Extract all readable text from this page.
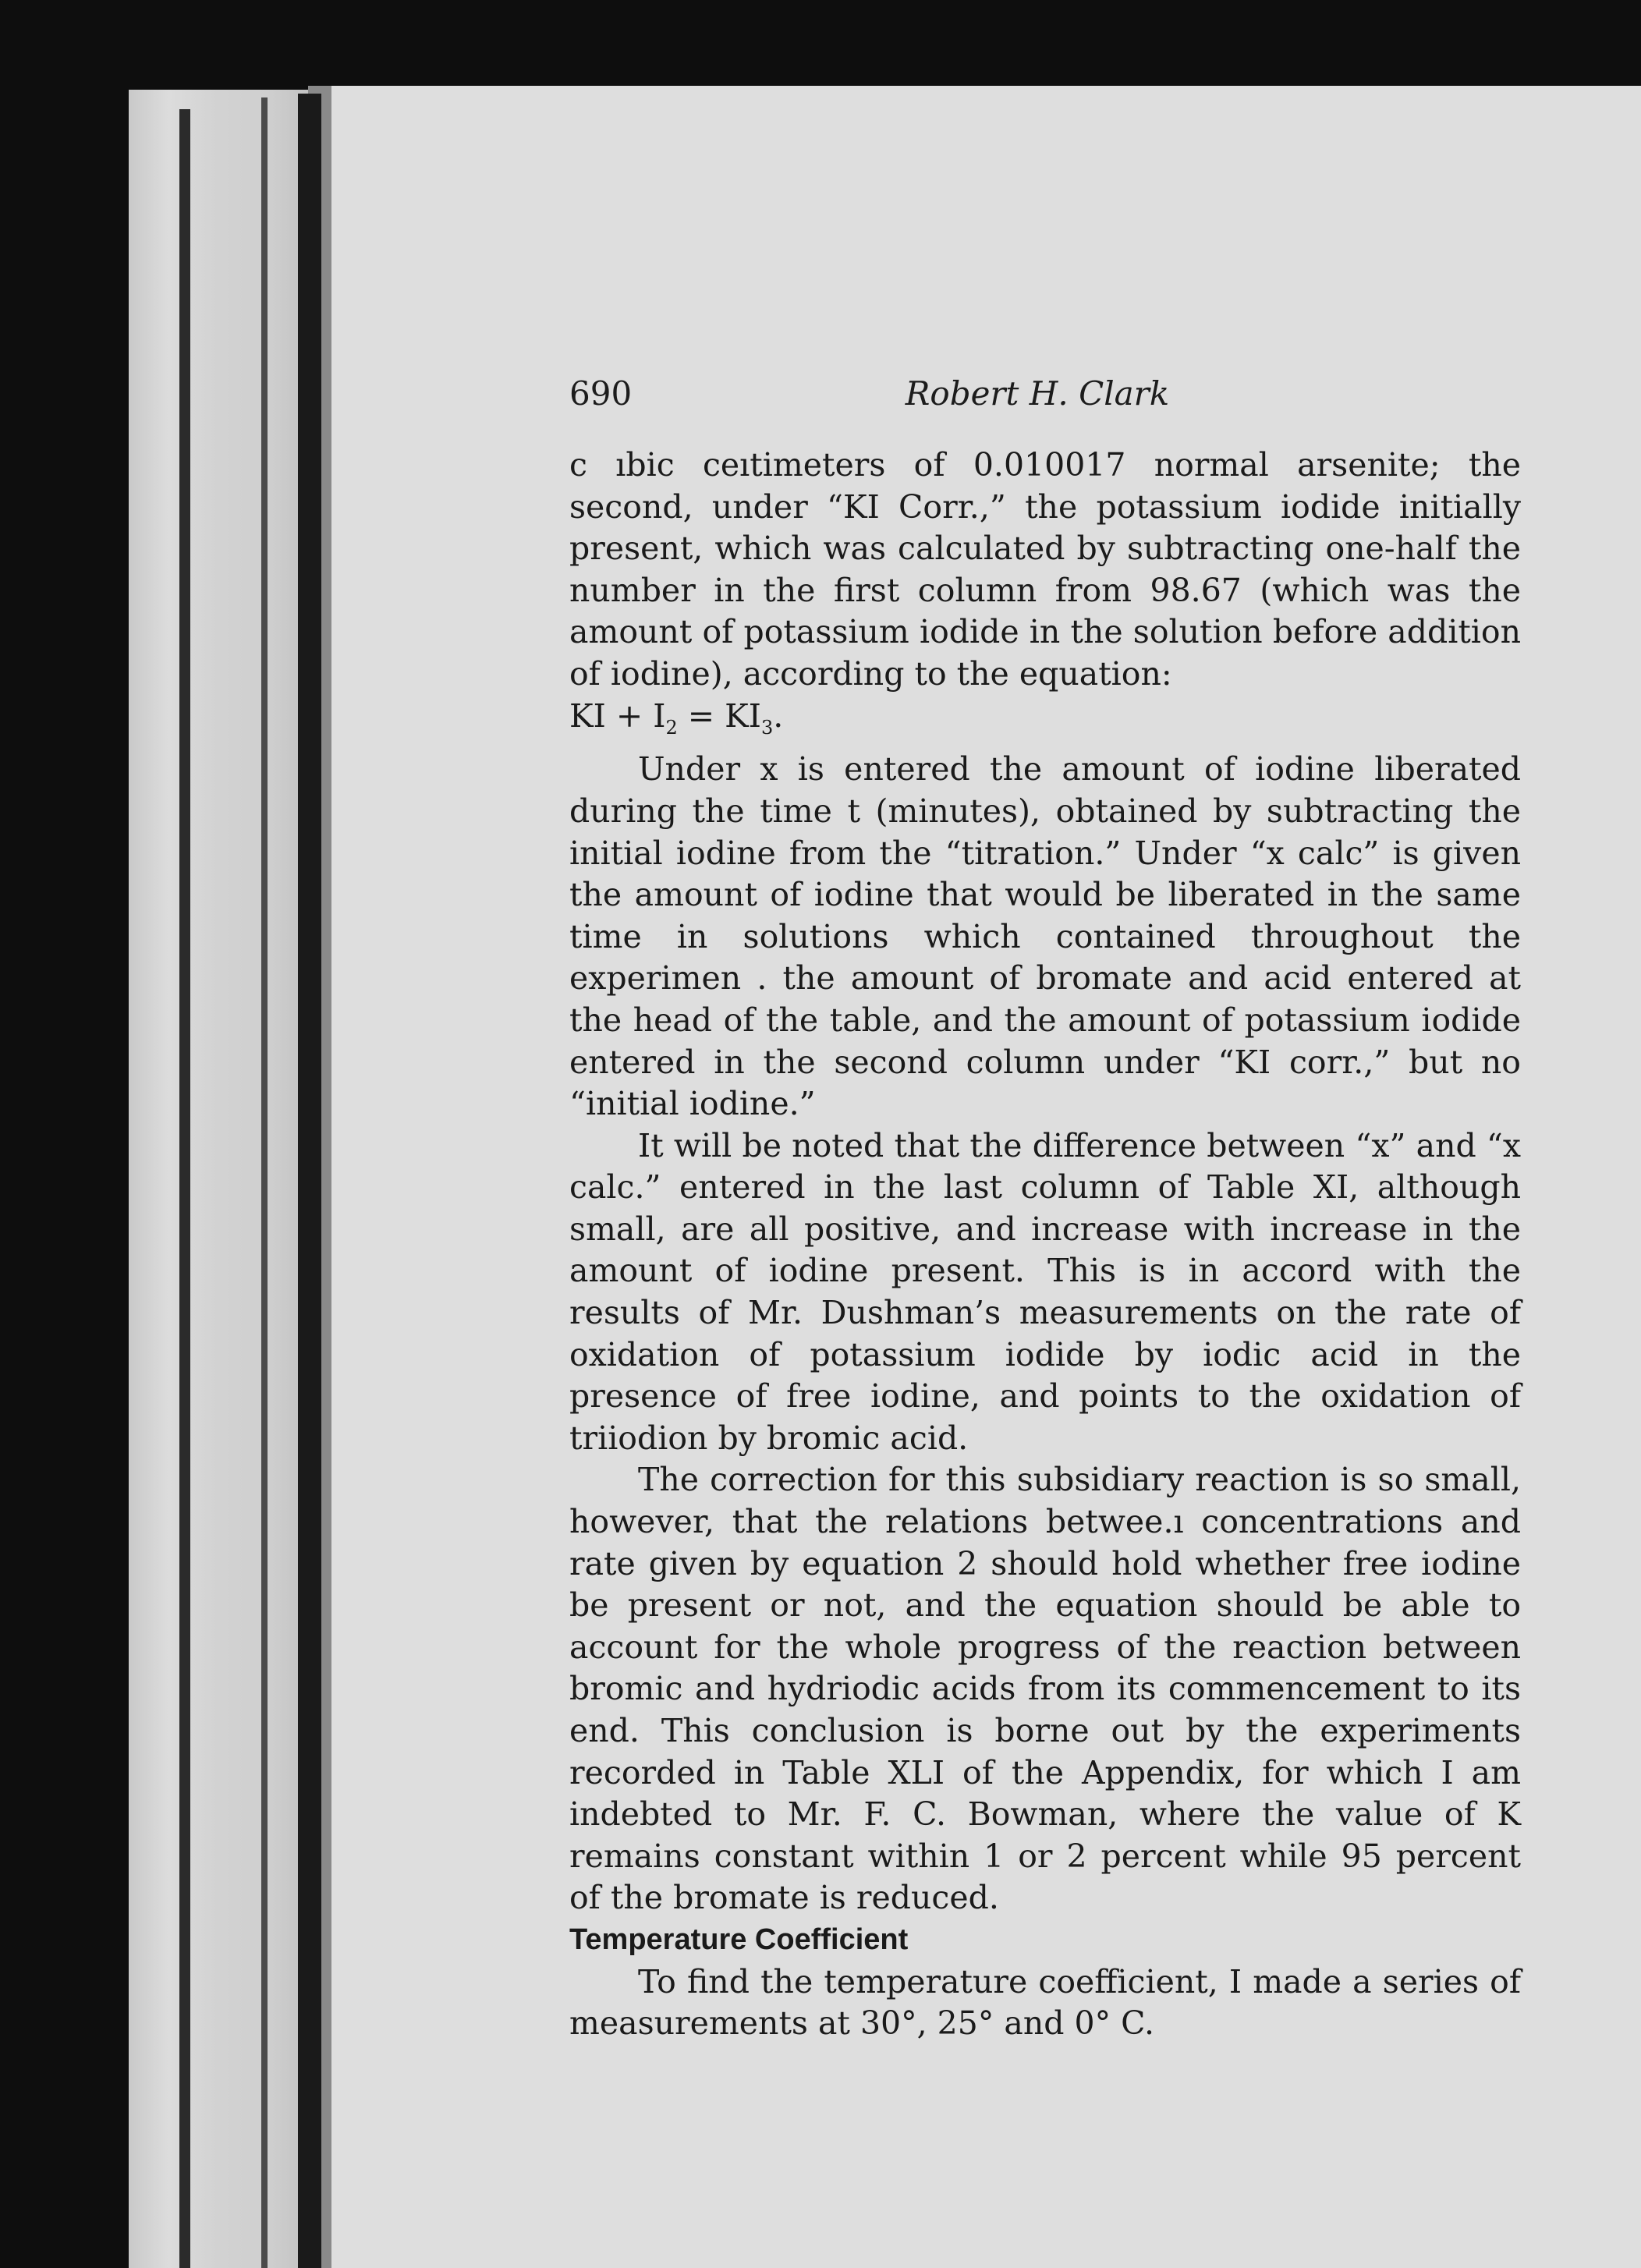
Robert H. Clark
690

c ıbic ceıtimeters of 0.010017 normal arsenite; the second, under “KI Corr.,” the potassium iodide initially present, which was calculated by subtracting one-half the number in the first column from 98.67 (which was the amount of potassium iodide in the solution before addition of iodine), according to the equation:

KI + $I_2 = KI_3$.

Under x is entered the amount of iodine liberated during the time t (minutes), obtained by subtracting the initial iodine from the “titration.” Under “x calc” is given the amount of iodine that would be liberated in the same time in solutions which contained throughout the experimen . the amount of bromate and acid entered at the head of the table, and the amount of potassium iodide entered in the second column under “KI corr.,” but no “initial iodine.”

It will be noted that the difference between “x” and “x calc.” entered in the last column of Table XI, although small, are all positive, and increase with increase in the amount of iodine present. This is in accord with the results of Mr. Dushman’s measurements on the rate of oxidation of potassium iodide by iodic acid in the presence of free iodine, and points to the oxidation of triiodion by bromic acid.

The correction for this subsidiary reaction is so small, however, that the relations betwee.ı concentrations and rate given by equation 2 should hold whether free iodine be present or not, and the equation should be able to account for the whole progress of the reaction between bromic and hydriodic acids from its commencement to its end. This conclusion is borne out by the experiments recorded in Table XLI of the Appendix, for which I am indebted to Mr. F. C. Bowman, where the value of K remains constant within 1 or 2 percent while 95 percent of the bromate is reduced.

Temperature Coefficient

To find the temperature coefficient, I made a series of measurements at 30°, 25° and 0° C.
